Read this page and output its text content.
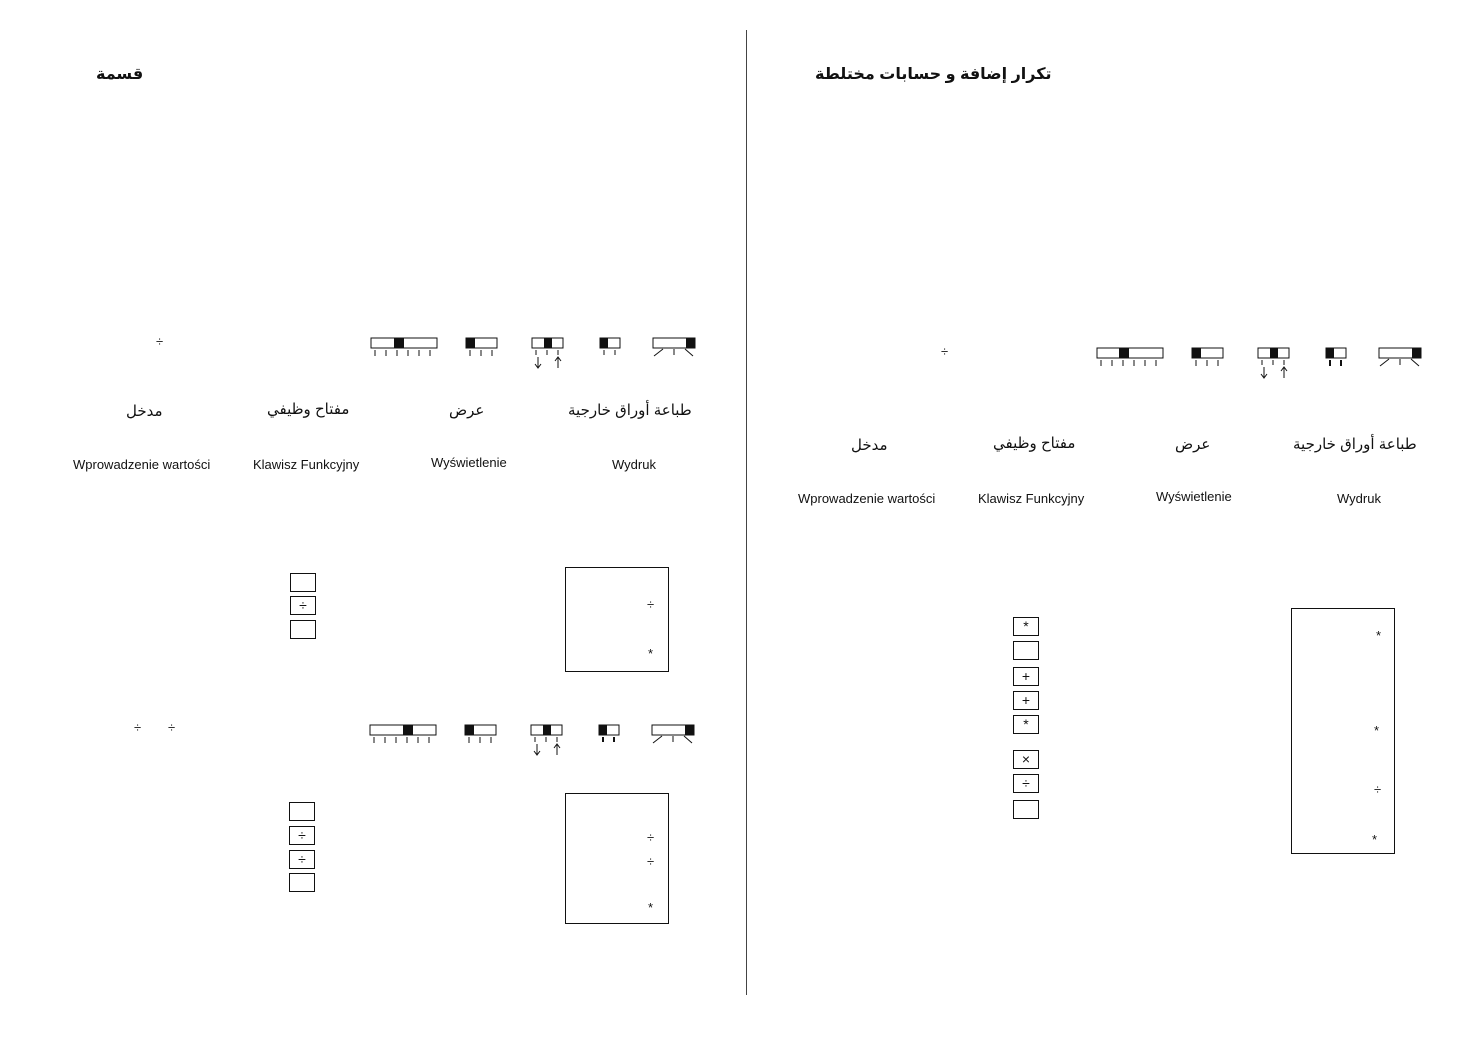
قسمة
÷
مدخل	مفتاح وظيفي	عرض	طباعة أوراق خارجية
Wprowadzenie wartości	Klawisz Funkcyjny	Wyświetlenie	Wydruk
÷	÷
*
÷ ÷
÷
÷
÷
÷
*
تكرار إضافة و حسابات مختلطة
÷
مدخل	مفتاح وظيفي	عرض	طباعة أوراق خارجية
Wprowadzenie wartości	Klawisz Funkcyjny	Wyświetlenie	Wydruk
*
+
+
*
×
÷
*
*
÷
*
